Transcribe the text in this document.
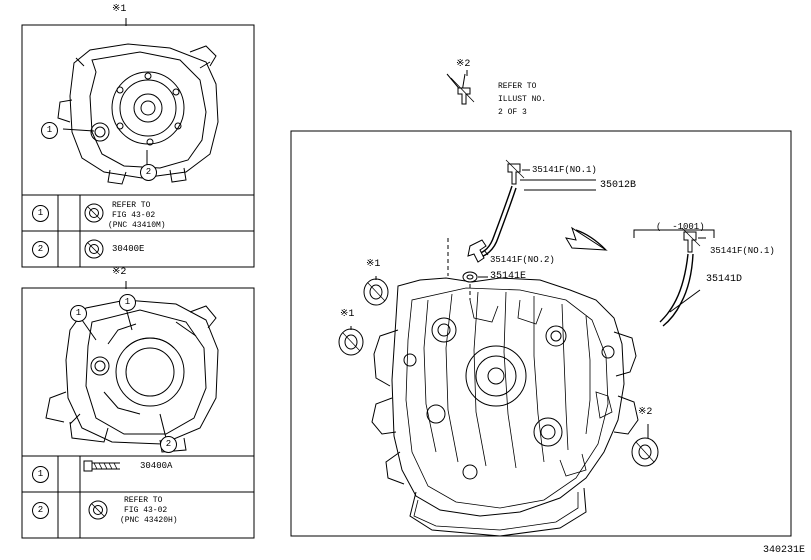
※1
1
2
1
REFER TO
FIG 43-02
(PNC 43410M)
2	30400E
※2
1
1
2
1
30400A
2
REFER TO
FIG 43-02
(PNC 43420H)
※2
REFER TO
ILLUST NO.
2 OF 3
35141F(NO.1)
35012B
35141F(NO.2)
35141E
35141F(NO.1)
35141D
(  -1001)
※1
※1
※2
340231E
